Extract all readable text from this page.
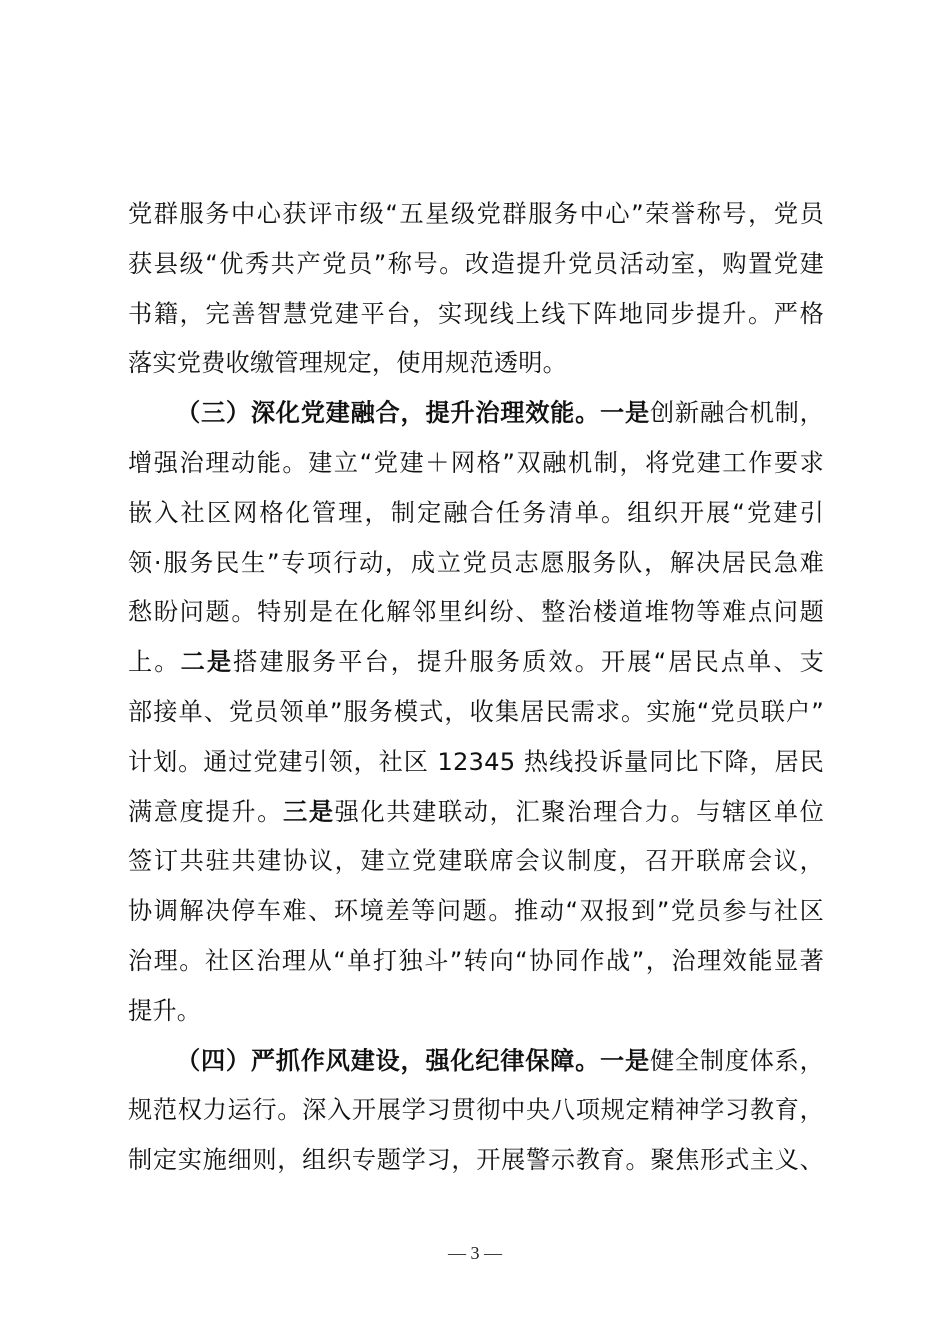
党群服务中心获评市级“五星级党群服务中心”荣誉称号，党员
获县级“优秀共产党员”称号。改造提升党员活动室，购置党建
书籍，完善智慧党建平台，实现线上线下阵地同步提升。严格
落实党费收缴管理规定，使用规范透明。
（三）深化党建融合，提升治理效能。一是创新融合机制，
增强治理动能。建立“党建＋网格”双融机制，将党建工作要求
嵌入社区网格化管理，制定融合任务清单。组织开展“党建引
领·服务民生”专项行动，成立党员志愿服务队，解决居民急难
愁盼问题。特别是在化解邻里纠纷、整治楼道堆物等难点问题
上。二是搭建服务平台，提升服务质效。开展“居民点单、支
部接单、党员领单”服务模式，收集居民需求。实施“党员联户”
计划。通过党建引领，社区 12345 热线投诉量同比下降，居民
满意度提升。三是强化共建联动，汇聚治理合力。与辖区单位
签订共驻共建协议，建立党建联席会议制度，召开联席会议，
协调解决停车难、环境差等问题。推动“双报到”党员参与社区
治理。社区治理从“单打独斗”转向“协同作战”，治理效能显著
提升。
（四）严抓作风建设，强化纪律保障。一是健全制度体系，
规范权力运行。深入开展学习贯彻中央八项规定精神学习教育，
制定实施细则，组织专题学习，开展警示教育。聚焦形式主义、
— 3 —
